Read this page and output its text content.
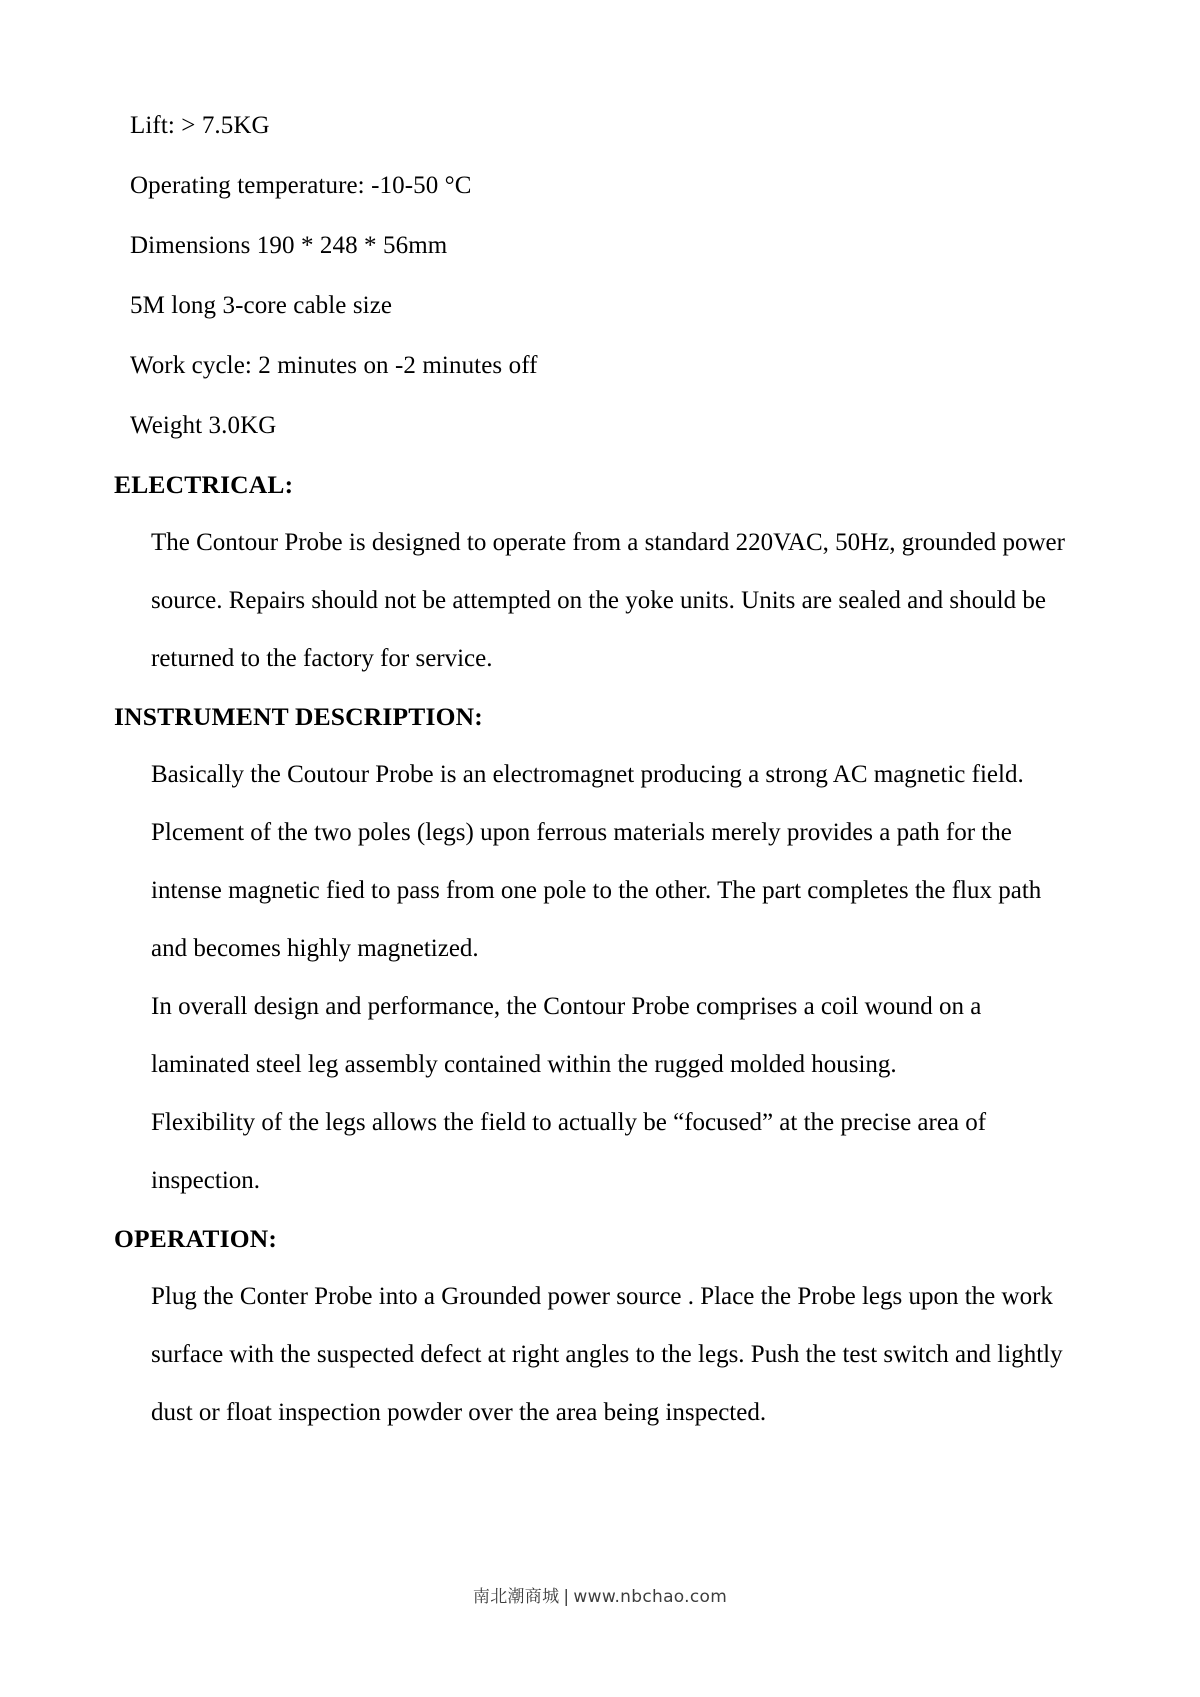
Lift: > 7.5KG

Operating temperature: -10-50 °C

Dimensions 190 * 248 * 56mm

5M long 3-core cable size

Work cycle: 2 minutes on -2 minutes off

Weight 3.0KG

ELECTRICAL:

The Contour Probe is designed to operate from a standard 220VAC, 50Hz, grounded power source. Repairs should not be attempted on the yoke units. Units are sealed and should be returned to the factory for service.

INSTRUMENT DESCRIPTION:

Basically the Coutour Probe is an electromagnet producing a strong AC magnetic field. Plcement of the two poles (legs) upon ferrous materials merely provides a path for the intense magnetic fied to pass from one pole to the other. The part completes the flux path and becomes highly magnetized.

In overall design and performance, the Contour Probe comprises a coil wound on a laminated steel leg assembly contained within the rugged molded housing.

Flexibility of the legs allows the field to actually be “focused” at the precise area of inspection.

OPERATION:

Plug the Conter Probe into a Grounded power source . Place the Probe legs upon the work surface with the suspected defect at right angles to the legs. Push the test switch and lightly dust or float inspection powder over the area being inspected.

南北潮商城 | www.nbchao.com
